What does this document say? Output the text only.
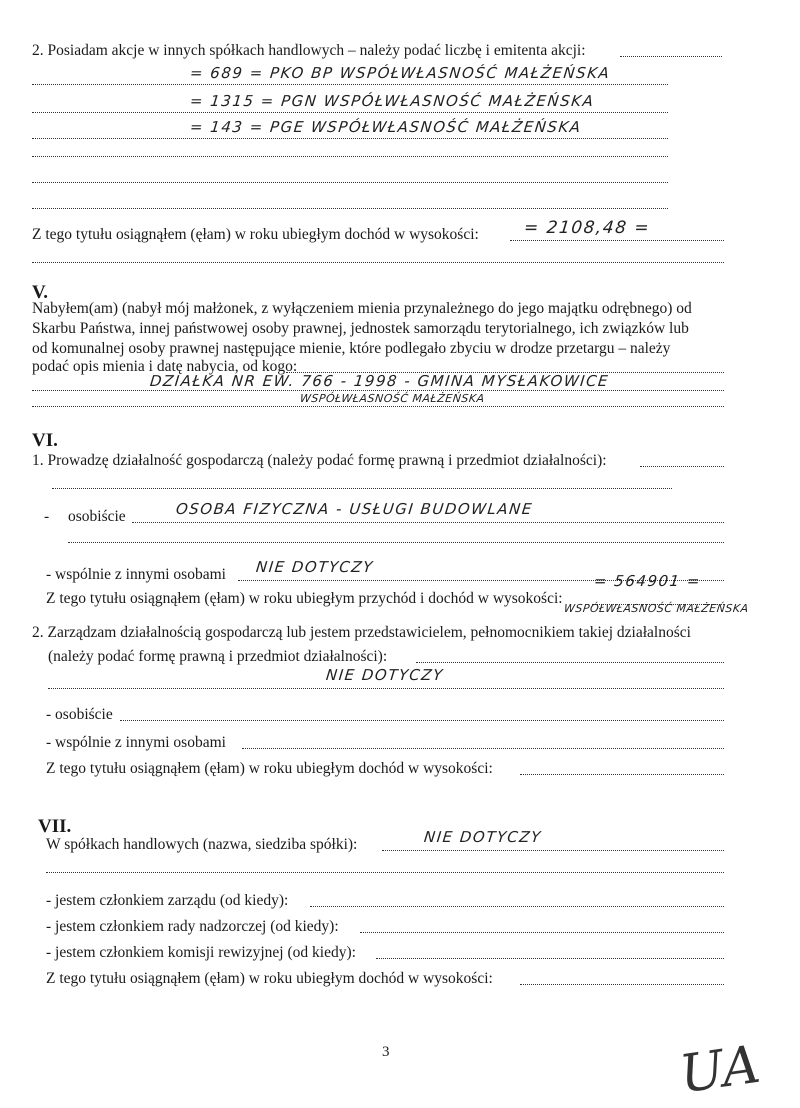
2. Posiadam akcje w innych spółkach handlowych – należy podać liczbę i emitenta akcji:
= 689 = PKO BP WSPÓŁWŁASNOŚĆ MAŁŻEŃSKA
= 1315 = PGN WSPÓŁWŁASNOŚĆ MAŁŻEŃSKA
= 143 = PGE WSPÓŁWŁASNOŚĆ MAŁŻEŃSKA
Z tego tytułu osiągnąłem (ęłam) w roku ubiegłym dochód w wysokości:	= 2108,48 =
V.
Nabyłem(am) (nabył mój małżonek, z wyłączeniem mienia przynależnego do jego majątku odrębnego) od
Skarbu Państwa, innej państwowej osoby prawnej, jednostek samorządu terytorialnego, ich związków lub
od komunalnej osoby prawnej następujące mienie, które podlegało zbyciu w drodze przetargu – należy
podać opis mienia i datę nabycia, od kogo:
DZIAŁKA NR EW. 766 - 1998 - GMINA MYSŁAKOWICE
WSPÓŁWŁASNOŚĆ MAŁŻEŃSKA
VI.
1. Prowadzę działalność gospodarczą (należy podać formę prawną i przedmiot działalności):
- osobiście	OSOBA FIZYCZNA - USŁUGI BUDOWLANE
- wspólnie z innymi osobami NIE DOTYCZY
Z tego tytułu osiągnąłem (ęłam) w roku ubiegłym przychód i dochód w wysokości:
= 564901 =
WSPÓŁWŁASNOŚĆ MAŁŻEŃSKA
2. Zarządzam działalnością gospodarczą lub jestem przedstawicielem, pełnomocnikiem takiej działalności
(należy podać formę prawną i przedmiot działalności):
NIE DOTYCZY
- osobiście
- wspólnie z innymi osobami
Z tego tytułu osiągnąłem (ęłam) w roku ubiegłym dochód w wysokości:
VII.
W spółkach handlowych (nazwa, siedziba spółki):	NIE DOTYCZY
- jestem członkiem zarządu (od kiedy):
- jestem członkiem rady nadzorczej (od kiedy):
- jestem członkiem komisji rewizyjnej (od kiedy):
Z tego tytułu osiągnąłem (ęłam) w roku ubiegłym dochód w wysokości:
3	UA
